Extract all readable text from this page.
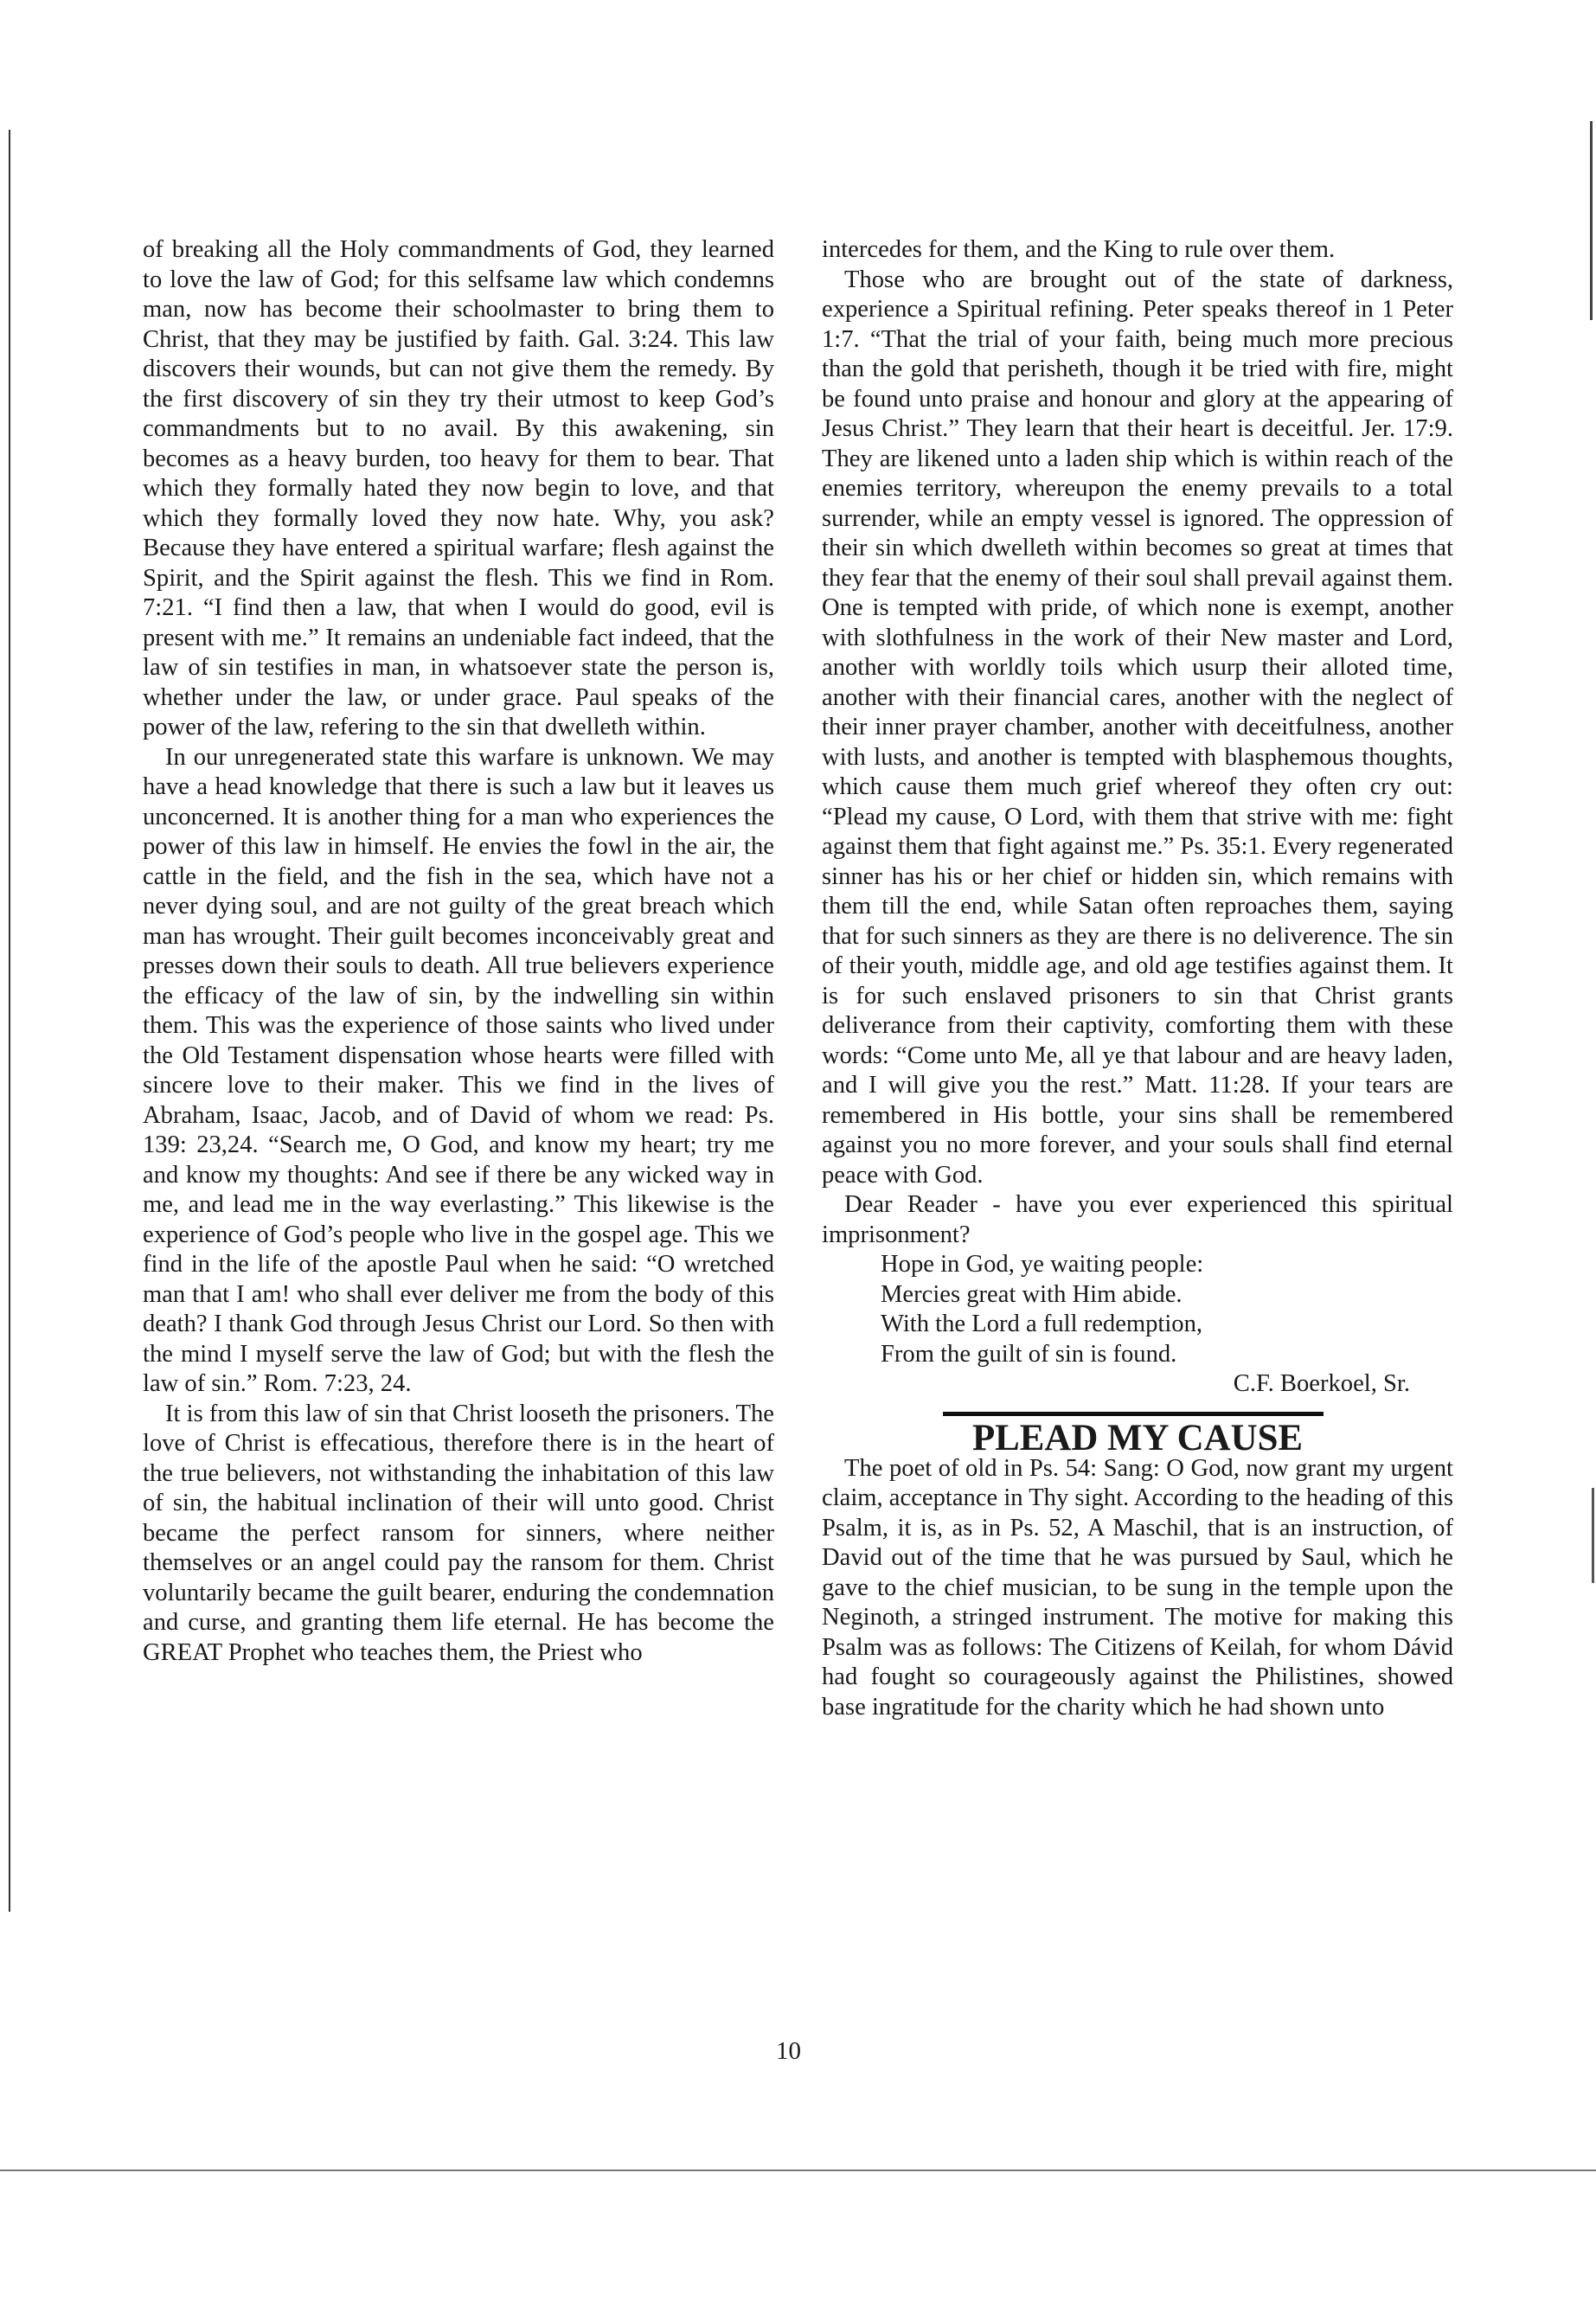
of breaking all the Holy commandments of God, they learned to love the law of God; for this selfsame law which condemns man, now has become their schoolmaster to bring them to Christ, that they may be justified by faith. Gal. 3:24. This law discovers their wounds, but can not give them the remedy. By the first discovery of sin they try their utmost to keep God’s commandments but to no avail. By this awakening, sin becomes as a heavy burden, too heavy for them to bear. That which they formally hated they now begin to love, and that which they formally loved they now hate. Why, you ask? Because they have entered a spiritual warfare; flesh against the Spirit, and the Spirit against the flesh. This we find in Rom. 7:21. “I find then a law, that when I would do good, evil is present with me.” It remains an undeniable fact indeed, that the law of sin testifies in man, in whatsoever state the person is, whether under the law, or under grace. Paul speaks of the power of the law, refering to the sin that dwelleth within.

In our unregenerated state this warfare is unknown. We may have a head knowledge that there is such a law but it leaves us unconcerned. It is another thing for a man who experiences the power of this law in himself. He envies the fowl in the air, the cattle in the field, and the fish in the sea, which have not a never dying soul, and are not guilty of the great breach which man has wrought. Their guilt becomes inconceivably great and presses down their souls to death. All true believers experience the efficacy of the law of sin, by the indwelling sin within them. This was the experience of those saints who lived under the Old Testament dispensation whose hearts were filled with sincere love to their maker. This we find in the lives of Abraham, Isaac, Jacob, and of David of whom we read: Ps. 139: 23,24. “Search me, O God, and know my heart; try me and know my thoughts: And see if there be any wicked way in me, and lead me in the way everlasting.” This likewise is the experience of God’s people who live in the gospel age. This we find in the life of the apostle Paul when he said: “O wretched man that I am! who shall ever deliver me from the body of this death? I thank God through Jesus Christ our Lord. So then with the mind I myself serve the law of God; but with the flesh the law of sin.” Rom. 7:23, 24.

It is from this law of sin that Christ looseth the prisoners. The love of Christ is effecatious, therefore there is in the heart of the true believers, not withstanding the inhabitation of this law of sin, the habitual inclination of their will unto good. Christ became the perfect ransom for sinners, where neither themselves or an angel could pay the ransom for them. Christ voluntarily became the guilt bearer, enduring the condemnation and curse, and granting them life eternal. He has become the GREAT Prophet who teaches them, the Priest who

intercedes for them, and the King to rule over them.

Those who are brought out of the state of darkness, experience a Spiritual refining. Peter speaks thereof in 1 Peter 1:7. “That the trial of your faith, being much more precious than the gold that perisheth, though it be tried with fire, might be found unto praise and honour and glory at the appearing of Jesus Christ.” They learn that their heart is deceitful. Jer. 17:9. They are likened unto a laden ship which is within reach of the enemies territory, whereupon the enemy prevails to a total surrender, while an empty vessel is ignored. The oppression of their sin which dwelleth within becomes so great at times that they fear that the enemy of their soul shall prevail against them. One is tempted with pride, of which none is exempt, another with slothfulness in the work of their New master and Lord, another with worldly toils which usurp their alloted time, another with their financial cares, another with the neglect of their inner prayer chamber, another with deceitfulness, another with lusts, and another is tempted with blasphemous thoughts, which cause them much grief whereof they often cry out: “Plead my cause, O Lord, with them that strive with me: fight against them that fight against me.” Ps. 35:1. Every regenerated sinner has his or her chief or hidden sin, which remains with them till the end, while Satan often reproaches them, saying that for such sinners as they are there is no deliverence. The sin of their youth, middle age, and old age testifies against them. It is for such enslaved prisoners to sin that Christ grants deliverance from their captivity, comforting them with these words: “Come unto Me, all ye that labour and are heavy laden, and I will give you the rest.” Matt. 11:28. If your tears are remembered in His bottle, your sins shall be remembered against you no more forever, and your souls shall find eternal peace with God.

Dear Reader - have you ever experienced this spiritual imprisonment?

Hope in God, ye waiting people:
Mercies great with Him abide.
With the Lord a full redemption,
From the guilt of sin is found.
C.F. Boerkoel, Sr.
PLEAD MY CAUSE

The poet of old in Ps. 54: Sang: O God, now grant my urgent claim, acceptance in Thy sight. According to the heading of this Psalm, it is, as in Ps. 52, A Maschil, that is an instruction, of David out of the time that he was pursued by Saul, which he gave to the chief musician, to be sung in the temple upon the Neginoth, a stringed instrument. The motive for making this Psalm was as follows: The Citizens of Keilah, for whom Dávid had fought so courageously against the Philistines, showed base ingratitude for the charity which he had shown unto

10
